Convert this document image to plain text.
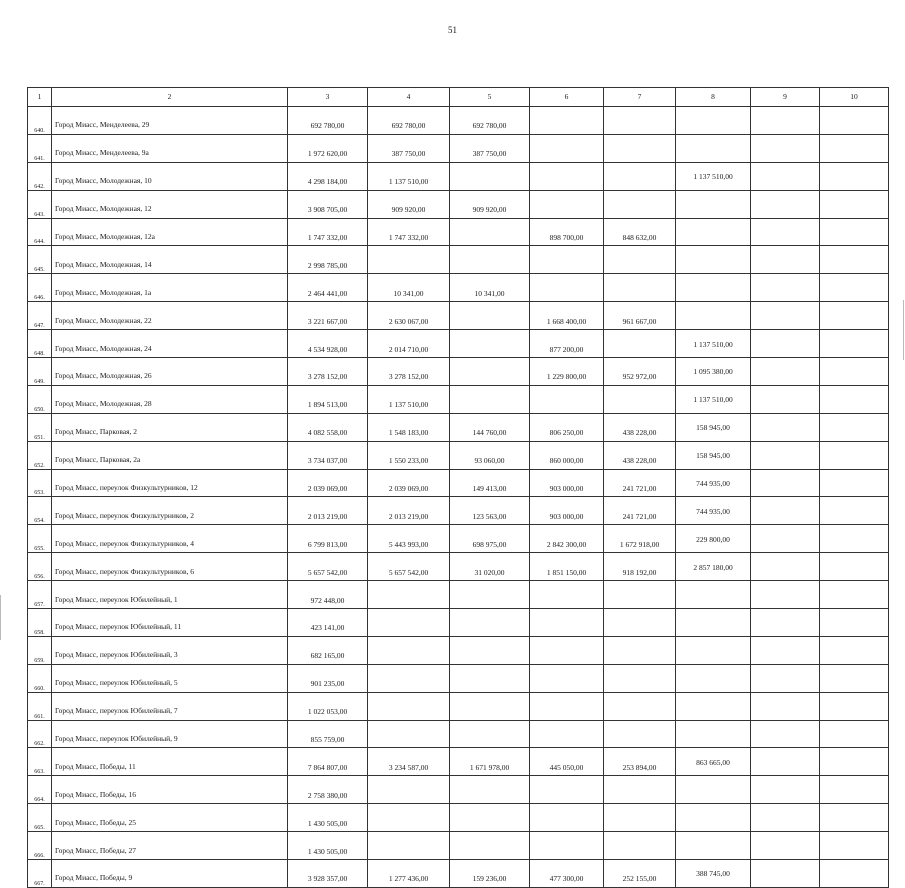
51
1	2	3	4	5	6	7	8	9	10
640.	Город Миасс, Менделеева, 29	692 780,00	692 780,00	692 780,00					
641.	Город Миасс, Менделеева, 9а	1 972 620,00	387 750,00	387 750,00					
642.	Город Миасс, Молодежная, 10	4 298 184,00	1 137 510,00				1 137 510,00		
643.	Город Миасс, Молодежная, 12	3 908 705,00	909 920,00	909 920,00					
644.	Город Миасс, Молодежная, 12а	1 747 332,00	1 747 332,00		898 700,00	848 632,00			
645.	Город Миасс, Молодежная, 14	2 998 785,00							
646.	Город Миасс, Молодежная, 1а	2 464 441,00	10 341,00	10 341,00					
647.	Город Миасс, Молодежная, 22	3 221 667,00	2 630 067,00		1 668 400,00	961 667,00			
648.	Город Миасс, Молодежная, 24	4 534 928,00	2 014 710,00		877 200,00		1 137 510,00		
649.	Город Миасс, Молодежная, 26	3 278 152,00	3 278 152,00		1 229 800,00	952 972,00	1 095 380,00		
650.	Город Миасс, Молодежная, 28	1 894 513,00	1 137 510,00				1 137 510,00		
651.	Город Миасс, Парковая, 2	4 082 558,00	1 548 183,00	144 760,00	806 250,00	438 228,00	158 945,00		
652.	Город Миасс, Парковая, 2а	3 734 037,00	1 550 233,00	93 060,00	860 000,00	438 228,00	158 945,00		
653.	Город Миасс, переулок Физкультурников, 12	2 039 069,00	2 039 069,00	149 413,00	903 000,00	241 721,00	744 935,00		
654.	Город Миасс, переулок Физкультурников, 2	2 013 219,00	2 013 219,00	123 563,00	903 000,00	241 721,00	744 935,00		
655.	Город Миасс, переулок Физкультурников, 4	6 799 813,00	5 443 993,00	698 975,00	2 842 300,00	1 672 918,00	229 800,00		
656.	Город Миасс, переулок Физкультурников, 6	5 657 542,00	5 657 542,00	31 020,00	1 851 150,00	918 192,00	2 857 180,00		
657.	Город Миасс, переулок Юбилейный, 1	972 448,00							
658.	Город Миасс, переулок Юбилейный, 11	423 141,00							
659.	Город Миасс, переулок Юбилейный, 3	682 165,00							
660.	Город Миасс, переулок Юбилейный, 5	901 235,00							
661.	Город Миасс, переулок Юбилейный, 7	1 022 053,00							
662.	Город Миасс, переулок Юбилейный, 9	855 759,00							
663.	Город Миасс, Победы, 11	7 864 807,00	3 234 587,00	1 671 978,00	445 050,00	253 894,00	863 665,00		
664.	Город Миасс, Победы, 16	2 758 380,00							
665.	Город Миасс, Победы, 25	1 430 505,00							
666.	Город Миасс, Победы, 27	1 430 505,00							
667.	Город Миасс, Победы, 9	3 928 357,00	1 277 436,00	159 236,00	477 300,00	252 155,00	388 745,00		
